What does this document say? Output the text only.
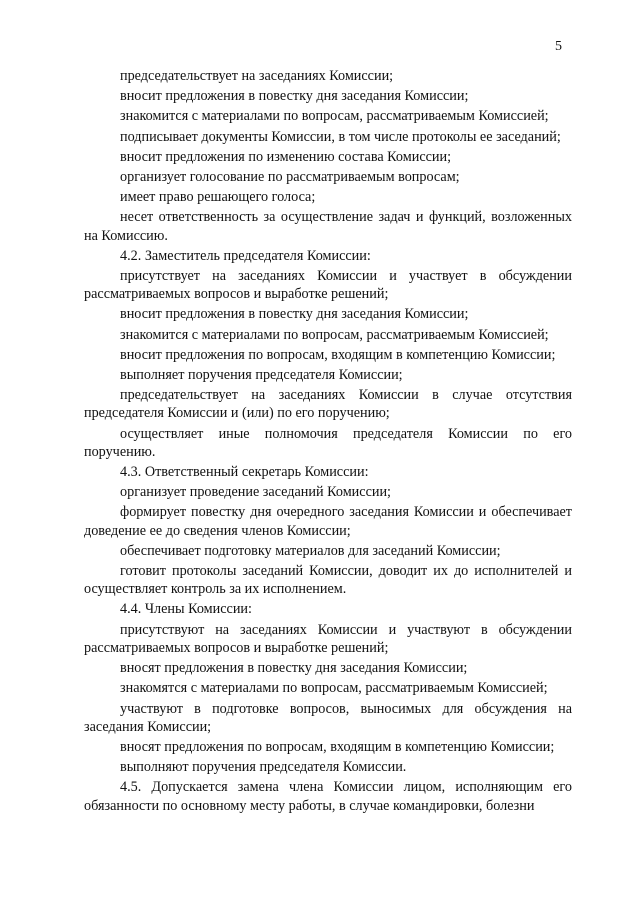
5

председательствует на заседаниях Комиссии;

вносит предложения в повестку дня заседания Комиссии;

знакомится с материалами по вопросам, рассматриваемым Комиссией;

подписывает документы Комиссии, в том числе протоколы ее заседаний;

вносит предложения по изменению состава Комиссии;

организует голосование по рассматриваемым вопросам;

имеет право решающего голоса;

несет ответственность за осуществление задач и функций, возложенных на Комиссию.

4.2. Заместитель председателя Комиссии:

присутствует на заседаниях Комиссии и участвует в обсуждении рассматриваемых вопросов и выработке решений;

вносит предложения в повестку дня заседания Комиссии;

знакомится с материалами по вопросам, рассматриваемым Комиссией;

вносит предложения по вопросам, входящим в компетенцию Комиссии;

выполняет поручения председателя Комиссии;

председательствует на заседаниях Комиссии в случае отсутствия председателя Комиссии и (или) по его поручению;

осуществляет иные полномочия председателя Комиссии по его поручению.

4.3. Ответственный секретарь Комиссии:

организует проведение заседаний Комиссии;

формирует повестку дня очередного заседания Комиссии и обеспечивает доведение ее до сведения членов Комиссии;

обеспечивает подготовку материалов для заседаний Комиссии;

готовит протоколы заседаний Комиссии, доводит их до исполнителей и осуществляет контроль за их исполнением.

4.4. Члены Комиссии:

присутствуют на заседаниях Комиссии и участвуют в обсуждении рассматриваемых вопросов и выработке решений;

вносят предложения в повестку дня заседания Комиссии;

знакомятся с материалами по вопросам, рассматриваемым Комиссией;

участвуют в подготовке вопросов, выносимых для обсуждения на заседания Комиссии;

вносят предложения по вопросам, входящим в компетенцию Комиссии;

выполняют поручения председателя Комиссии.

4.5. Допускается замена члена Комиссии лицом, исполняющим его обязанности по основному месту работы, в случае командировки, болезни
